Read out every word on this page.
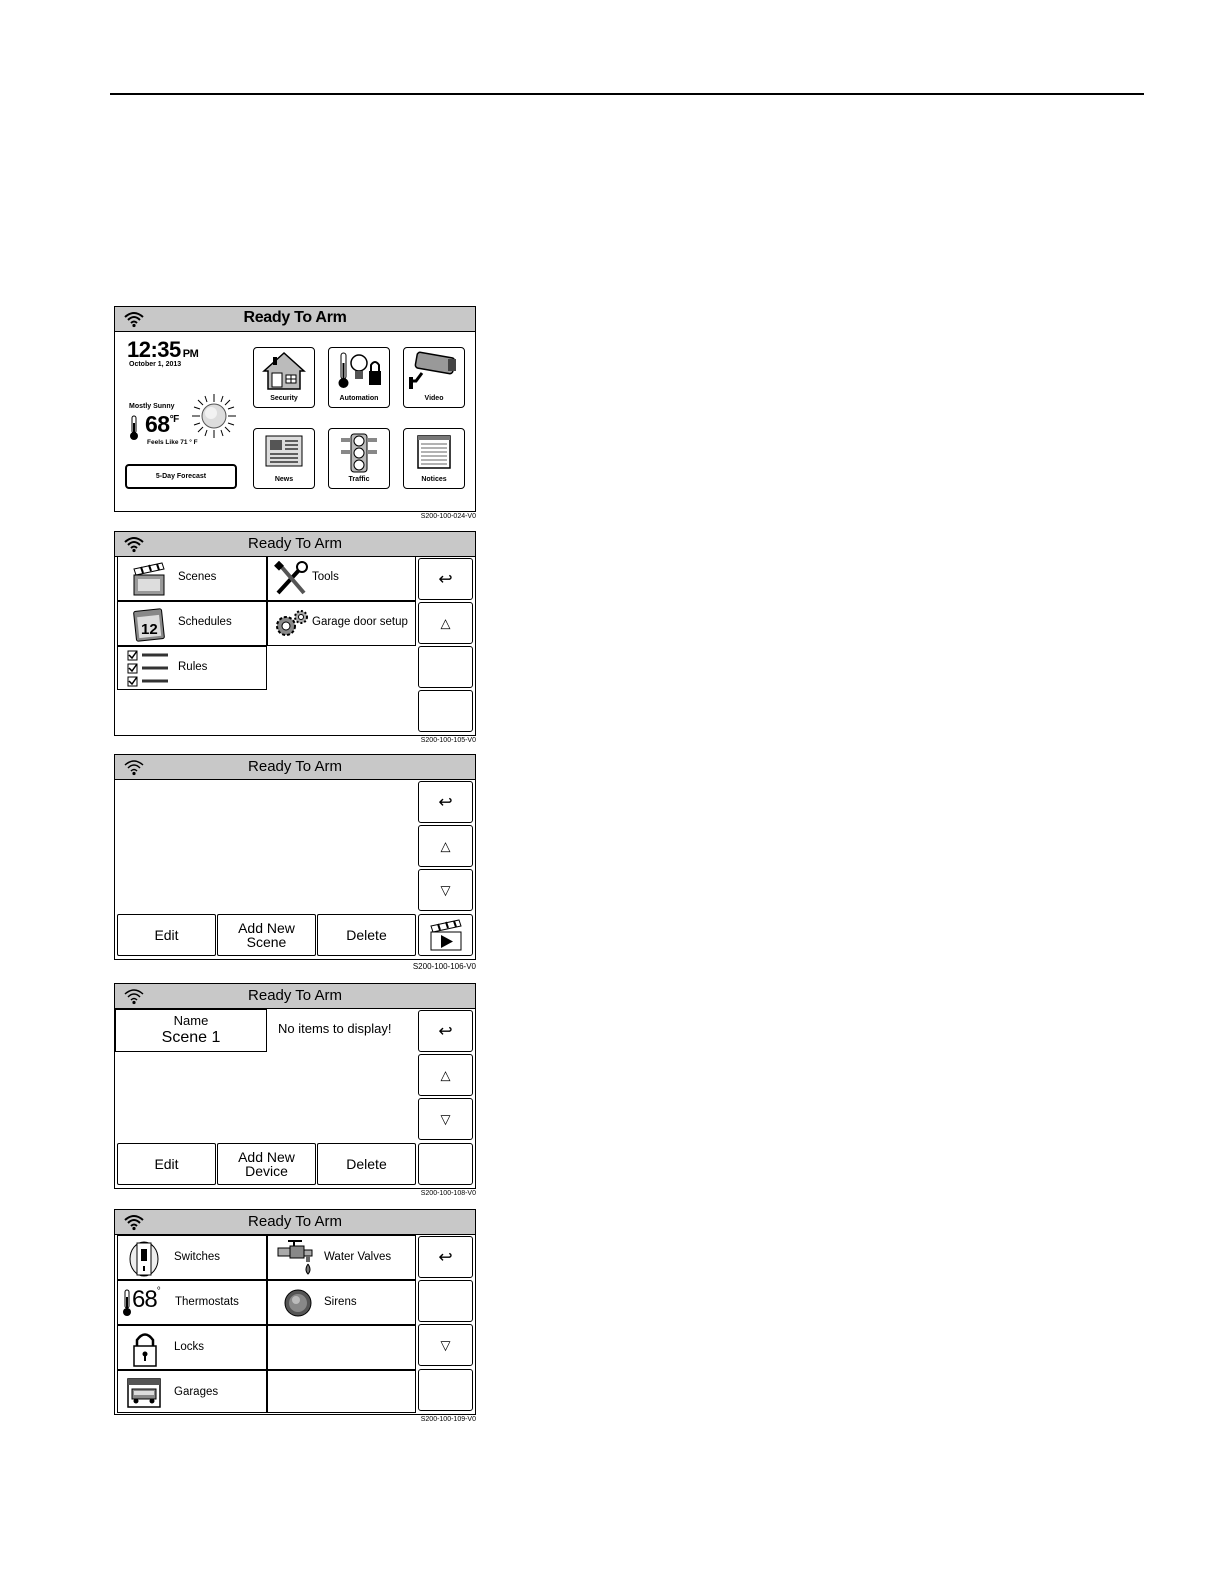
Ready To Arm
12:35 PM
October 1, 2013
Mostly Sunny
$68^{^\circ F}$
Feels Like 71 ° F
5-Day Forecast
Security	Automation	Video
News	Traffic	Notices
S200-100-024-V0
Ready To Arm
Scenes	Tools
12 Schedules	Garage door setup
Rules
↩
△
S200-100-105-V0
Ready To Arm
↩
△
▽
Edit	Add New Scene	Delete
S200-100-106-V0
Ready To Arm
Name
Scene 1
No items to display!	↩
△
▽
Edit	Add New Device	Delete
S200-100-108-V0
Ready To Arm
Switches	Water Valves
68°
Thermostats	Sirens
Locks
Garages
↩
▽
S200-100-109-V0
